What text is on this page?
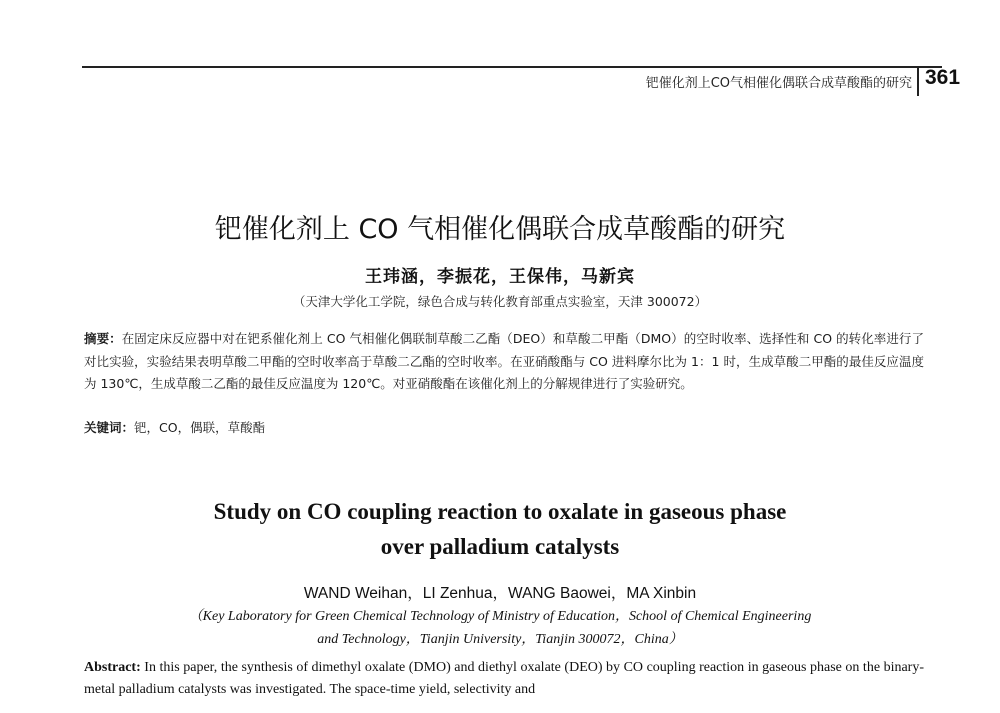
钯催化剂上CO气相催化偶联合成草酸酯的研究 361
钯催化剂上 CO 气相催化偶联合成草酸酯的研究
王玮涵，李振花，王保伟，马新宾
（天津大学化工学院，绿色合成与转化教育部重点实验室，天津 300072）

摘要：在固定床反应器中对在钯系催化剂上 CO 气相催化偶联制草酸二乙酯（DEO）和草酸二甲酯（DMO）的空时收率、选择性和 CO 的转化率进行了对比实验，实验结果表明草酸二甲酯的空时收率高于草酸二乙酯的空时收率。在亚硝酸酯与 CO 进料摩尔比为 1：1 时，生成草酸二甲酯的最佳反应温度为 130℃，生成草酸二乙酯的最佳反应温度为 120℃。对亚硝酸酯在该催化剂上的分解规律进行了实验研究。

关键词：钯，CO，偶联，草酸酯

Study on CO coupling reaction to oxalate in gaseous phase
over palladium catalysts
WAND Weihan，LI Zenhua，WANG Baowei，MA Xinbin
（Key Laboratory for Green Chemical Technology of Ministry of Education，School of Chemical Engineering
and Technology，Tianjin University，Tianjin 300072，China）

Abstract: In this paper, the synthesis of dimethyl oxalate (DMO) and diethyl oxalate (DEO) by CO coupling reaction in gaseous phase on the binary-metal palladium catalysts was investigated. The space-time yield, selectivity and
